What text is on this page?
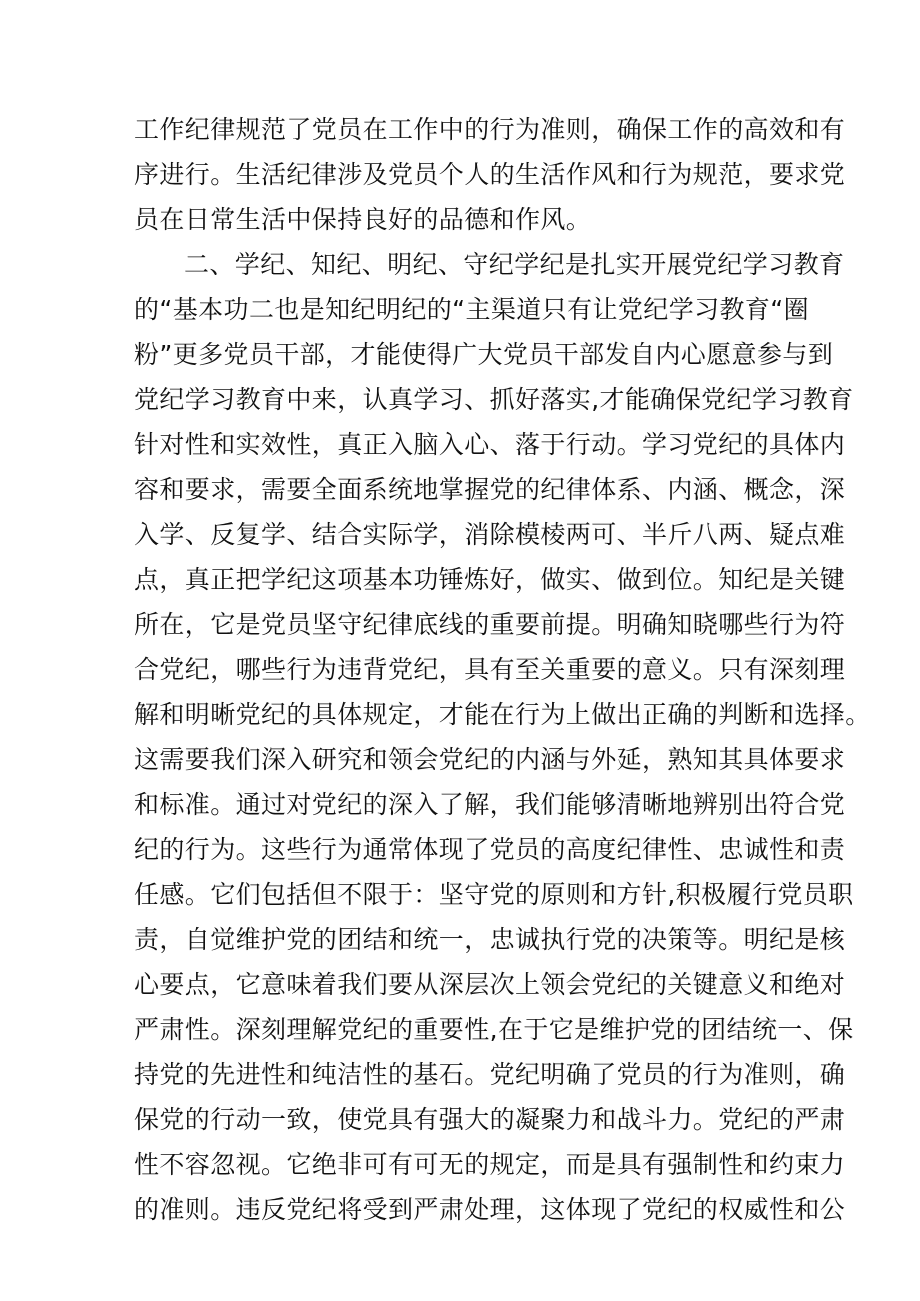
工作纪律规范了党员在工作中的行为准则，确保工作的高效和有
序进行。生活纪律涉及党员个人的生活作风和行为规范，要求党
员在日常生活中保持良好的品德和作风。
二、学纪、知纪、明纪、守纪学纪是扎实开展党纪学习教育
的“基本功二也是知纪明纪的“主渠道只有让党纪学习教育“圈
粉”更多党员干部，才能使得广大党员干部发自内心愿意参与到
党纪学习教育中来，认真学习、抓好落实,才能确保党纪学习教育
针对性和实效性，真正入脑入心、落于行动。学习党纪的具体内
容和要求，需要全面系统地掌握党的纪律体系、内涵、概念，深
入学、反复学、结合实际学，消除模棱两可、半斤八两、疑点难
点，真正把学纪这项基本功锤炼好，做实、做到位。知纪是关键
所在，它是党员坚守纪律底线的重要前提。明确知晓哪些行为符
合党纪，哪些行为违背党纪，具有至关重要的意义。只有深刻理
解和明晰党纪的具体规定，才能在行为上做出正确的判断和选择。
这需要我们深入研究和领会党纪的内涵与外延，熟知其具体要求
和标准。通过对党纪的深入了解，我们能够清晰地辨别出符合党
纪的行为。这些行为通常体现了党员的高度纪律性、忠诚性和责
任感。它们包括但不限于：坚守党的原则和方针,积极履行党员职
责，自觉维护党的团结和统一，忠诚执行党的决策等。明纪是核
心要点，它意味着我们要从深层次上领会党纪的关键意义和绝对
严肃性。深刻理解党纪的重要性,在于它是维护党的团结统一、保
持党的先进性和纯洁性的基石。党纪明确了党员的行为准则，确
保党的行动一致，使党具有强大的凝聚力和战斗力。党纪的严肃
性不容忽视。它绝非可有可无的规定，而是具有强制性和约束力
的准则。违反党纪将受到严肃处理，这体现了党纪的权威性和公
